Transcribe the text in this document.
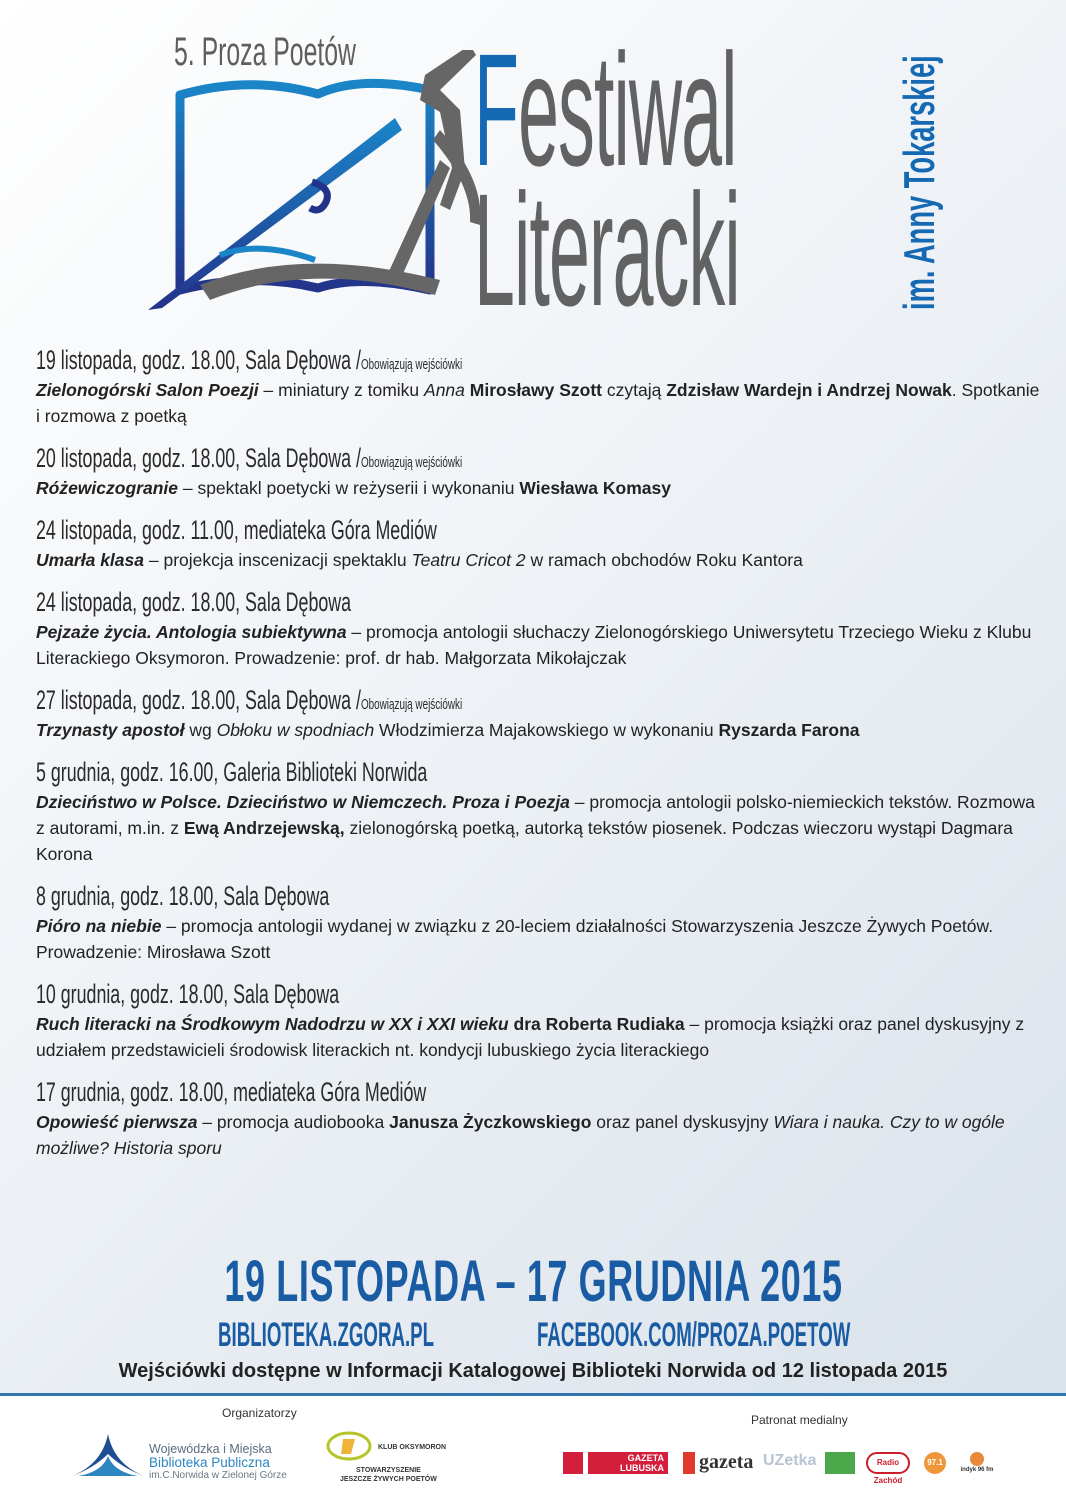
5. Proza Poetów Festiwal
Literacki	im. Anny Tokarskiej
19 listopada, godz. 18.00, Sala Dębowa /Obowiązują wejściówki
Zielonogórski Salon Poezji – miniatury z tomiku Anna Mirosławy Szott czytają Zdzisław Wardejn i Andrzej Nowak. Spotkanie i rozmowa z poetką
20 listopada, godz. 18.00, Sala Dębowa /Obowiązują wejściówki
Różewiczogranie – spektakl poetycki w reżyserii i wykonaniu Wiesława Komasy
24 listopada, godz. 11.00, mediateka Góra Mediów
Umarła klasa – projekcja inscenizacji spektaklu Teatru Cricot 2 w ramach obchodów Roku Kantora
24 listopada, godz. 18.00, Sala Dębowa
Pejzaże życia. Antologia subiektywna – promocja antologii słuchaczy Zielonogórskiego Uniwersytetu Trzeciego Wieku z Klubu Literackiego Oksymoron. Prowadzenie: prof. dr hab. Małgorzata Mikołajczak
27 listopada, godz. 18.00, Sala Dębowa /Obowiązują wejściówki
Trzynasty apostoł wg Obłoku w spodniach Włodzimierza Majakowskiego w wykonaniu Ryszarda Farona
5 grudnia, godz. 16.00, Galeria Biblioteki Norwida
Dzieciństwo w Polsce. Dzieciństwo w Niemczech. Proza i Poezja – promocja antologii polsko-niemieckich tekstów. Rozmowa z autorami, m.in. z Ewą Andrzejewską, zielonogórską poetką, autorką tekstów piosenek. Podczas wieczoru wystąpi Dagmara Korona
8 grudnia, godz. 18.00, Sala Dębowa
Pióro na niebie – promocja antologii wydanej w związku z 20-leciem działalności Stowarzyszenia Jeszcze Żywych Poetów. Prowadzenie: Mirosława Szott
10 grudnia, godz. 18.00, Sala Dębowa
Ruch literacki na Środkowym Nadodrzu w XX i XXI wieku dra Roberta Rudiaka – promocja książki oraz panel dyskusyjny z udziałem przedstawicieli środowisk literackich nt. kondycji lubuskiego życia literackiego
17 grudnia, godz. 18.00, mediateka Góra Mediów
Opowieść pierwsza – promocja audiobooka Janusza Życzkowskiego oraz panel dyskusyjny Wiara i nauka. Czy to w ogóle możliwe? Historia sporu
19 LISTOPADA – 17 GRUDNIA 2015
BIBLIOTEKA.ZGORA.PL	FACEBOOK.COM/PROZA.POETOW
Wejściówki dostępne w Informacji Katalogowej Biblioteki Norwida od 12 listopada 2015
Organizatorzy
Wojewódzka i Miejska
Biblioteka Publiczna
im.C.Norwida w Zielonej Górze
KLUB OKSYMORON
STOWARZYSZENIE
JESZCZE ŻYWYCH POETÓW
Patronat medialny
GAZETA LUBUSKA gazeta UZetka	Radio Zachód
97.1
indyk 96 fm
